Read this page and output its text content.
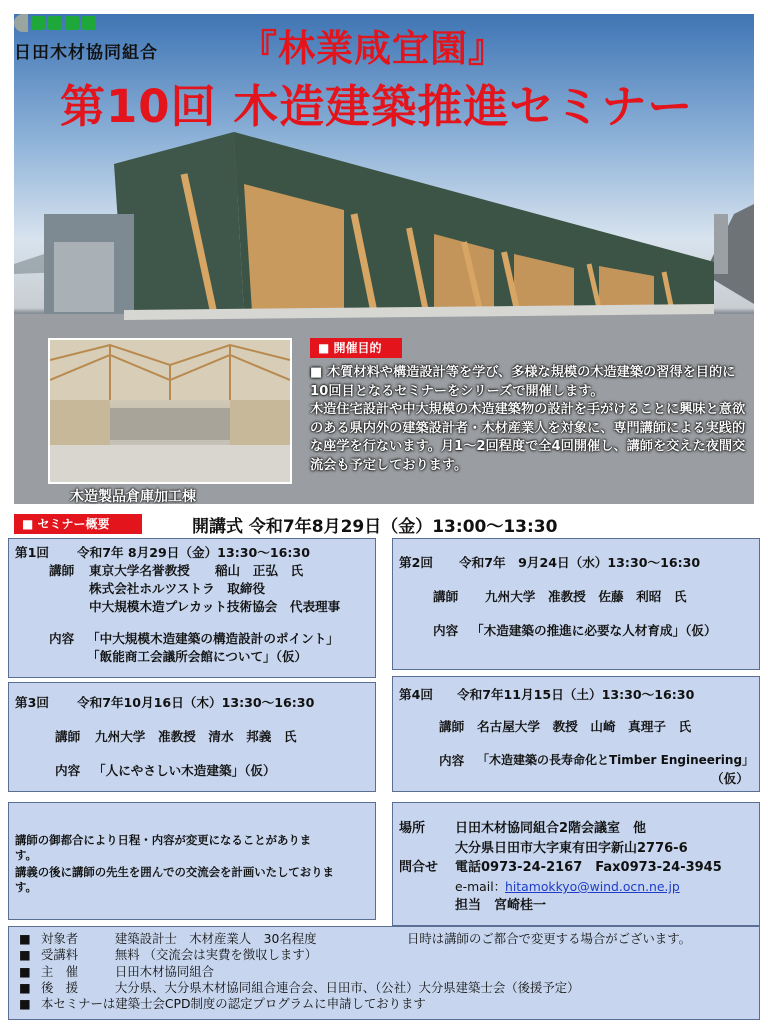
日田木材協同組合 『林業咸宜園』
第10回 木造建築推進セミナー
木造製品倉庫加工棟
■ 開催目的

■ 木質材料や構造設計等を学び、多様な規模の木造建築の習得を目的に10回目となるセミナーをシリーズで開催します。

木造住宅設計や中大規模の木造建築物の設計を手がけることに興味と意欲のある県内外の建築設計者・木材産業人を対象に、専門講師による実践的な座学を行ないます。月1～2回程度で全4回開催し、講師を交えた夜間交流会も予定しております。

■ セミナー概要	開講式 令和7年8月29日（金）13:00～13:30
第1回 令和7年 8月29日（金）13:30～16:30
講師 東京大学名誉教授　　稲山　正弘　氏
株式会社ホルツストラ　取締役
中大規模木造プレカット技術協会　代表理事
内容 「中大規模木造建築の構造設計のポイント」
「飯能商工会議所会館について」（仮）
第2回 令和7年　9月24日（水）13:30～16:30
講師 九州大学　准教授　佐藤　利昭　氏
内容 「木造建築の推進に必要な人材育成」（仮）
第3回 令和7年10月16日（木）13:30～16:30
講師 九州大学　准教授　清水　邦義　氏
内容 「人にやさしい木造建築」（仮）
第4回 令和7年11月15日（土）13:30～16:30
講師 名古屋大学　教授　山崎　真理子　氏
内容 「木造建築の長寿命化とTimber Engineering」
（仮）
講師の御都合により日程・内容が変更になることがありま
す。
講義の後に講師の先生を囲んでの交流会を計画いたしておりま
す。
場所 日田木材協同組合2階会議室　他
大分県日田市大字東有田字新山2776-6
問合せ 電話0973-24-2167　Fax0973-24-3945
e-mail：
hitamokkyo@wind.ocn.ne.jp
担当　宮崎桂一
■ 対象者	建築設計士　木材産業人　30名程度	日時は講師のご都合で変更する場合がございます。
■ 受講料	無料 （交流会は実費を徴収します）
■ 主　催	日田木材協同組合
■ 後　援	大分県、大分県木材協同組合連合会、日田市、（公社）大分県建築士会（後援予定）
■ 本セミナーは建築士会CPD制度の認定プログラムに申請しております
